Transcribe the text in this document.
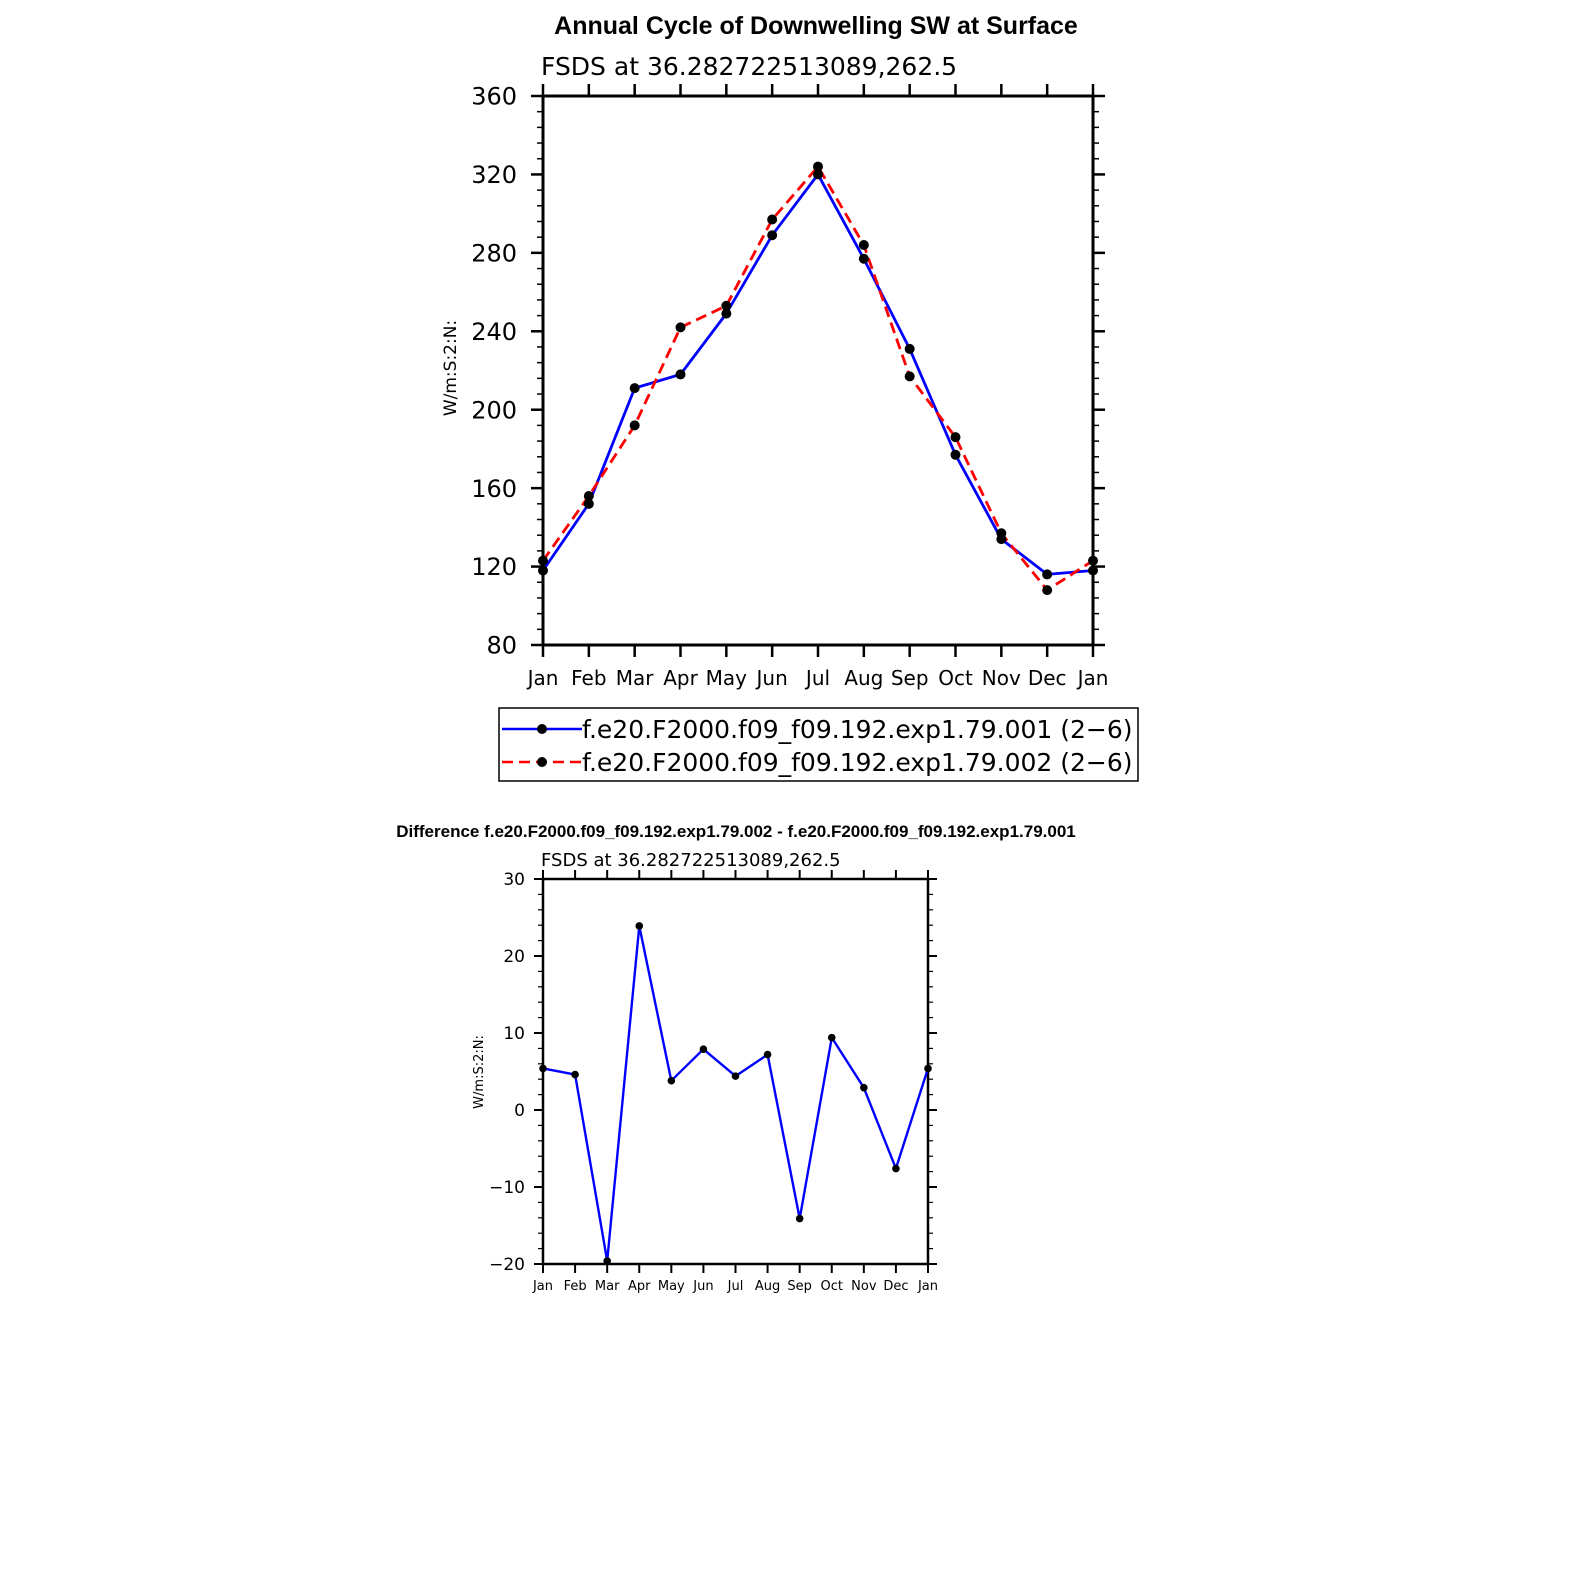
Annual Cycle of Downwelling SW at Surface
FSDS at 36.282722513089,262.5
W/m:S:2:N:
Jan Feb Mar Apr May Jun Jul Aug Sep Oct Nov Dec Jan
80
120
160
200
240
280
320
360
f.e20.F2000.f09_f09.192.exp1.79.001 (2−6)
f.e20.F2000.f09_f09.192.exp1.79.002 (2−6)
Difference f.e20.F2000.f09_f09.192.exp1.79.002 - f.e20.F2000.f09_f09.192.exp1.79.001
FSDS at 36.282722513089,262.5
W/m:S:2:N:
Jan Feb Mar Apr May Jun Jul Aug Sep Oct Nov Dec Jan
−20
−10
0
10
20
30
